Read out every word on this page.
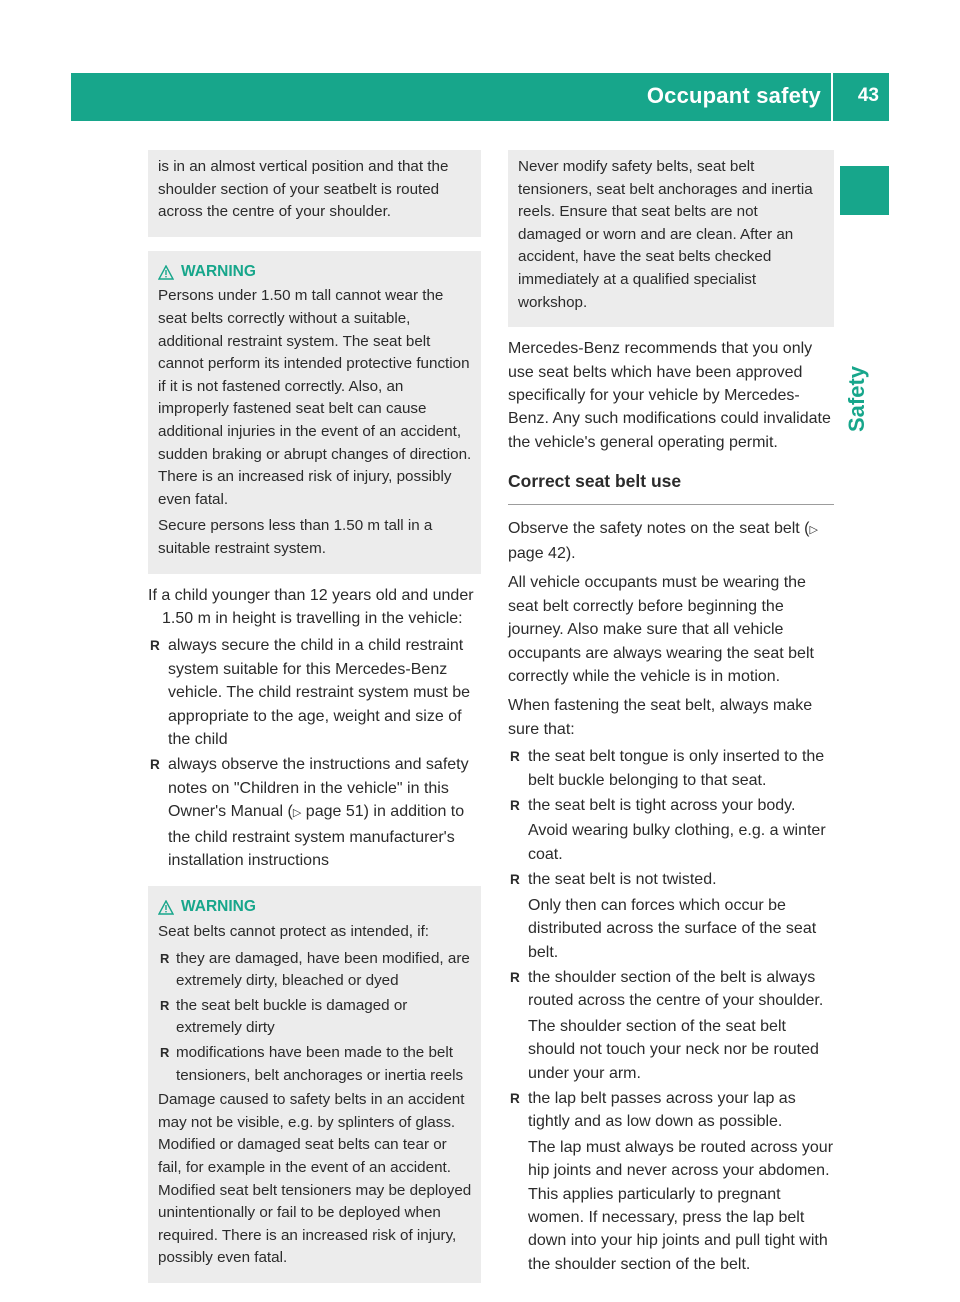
Occupant safety 43
Safety

is in an almost vertical position and that the shoulder section of your seatbelt is routed across the centre of your shoulder.

WARNING

Persons under 1.50 m tall cannot wear the seat belts correctly without a suitable, additional restraint system. The seat belt cannot perform its intended protective function if it is not fastened correctly. Also, an improperly fastened seat belt can cause additional injuries in the event of an accident, sudden braking or abrupt changes of direction. There is an increased risk of injury, possibly even fatal.

Secure persons less than 1.50 m tall in a suitable restraint system.

If a child younger than 12 years old and under 1.50 m in height is travelling in the vehicle:

R always secure the child in a child restraint system suitable for this Mercedes-Benz vehicle. The child restraint system must be appropriate to the age, weight and size of the child
R always observe the instructions and safety notes on "Children in the vehicle" in this Owner's Manual (▷ page 51) in addition to the child restraint system manufacturer's installation instructions
WARNING

Seat belts cannot protect as intended, if:

R they are damaged, have been modified, are extremely dirty, bleached or dyed
R the seat belt buckle is damaged or extremely dirty
R modifications have been made to the belt tensioners, belt anchorages or inertia reels

Damage caused to safety belts in an accident may not be visible, e.g. by splinters of glass. Modified or damaged seat belts can tear or fail, for example in the event of an accident. Modified seat belt tensioners may be deployed unintentionally or fail to be deployed when required. There is an increased risk of injury, possibly even fatal.

Never modify safety belts, seat belt tensioners, seat belt anchorages and inertia reels. Ensure that seat belts are not damaged or worn and are clean. After an accident, have the seat belts checked immediately at a qualified specialist workshop.

Mercedes-Benz recommends that you only use seat belts which have been approved specifically for your vehicle by Mercedes-Benz. Any such modifications could invalidate the vehicle's general operating permit.

Correct seat belt use

Observe the safety notes on the seat belt (▷ page 42).

All vehicle occupants must be wearing the seat belt correctly before beginning the journey. Also make sure that all vehicle occupants are always wearing the seat belt correctly while the vehicle is in motion.

When fastening the seat belt, always make sure that:

R the seat belt tongue is only inserted to the belt buckle belonging to that seat.

R the seat belt is tight across your body.

Avoid wearing bulky clothing, e.g. a winter coat.

R the seat belt is not twisted.

Only then can forces which occur be distributed across the surface of the seat belt.

R the shoulder section of the belt is always routed across the centre of your shoulder.

The shoulder section of the seat belt should not touch your neck nor be routed under your arm.

R the lap belt passes across your lap as tightly and as low down as possible.

The lap must always be routed across your hip joints and never across your abdomen. This applies particularly to pregnant women. If necessary, press the lap belt down into your hip joints and pull tight with the shoulder section of the belt.
